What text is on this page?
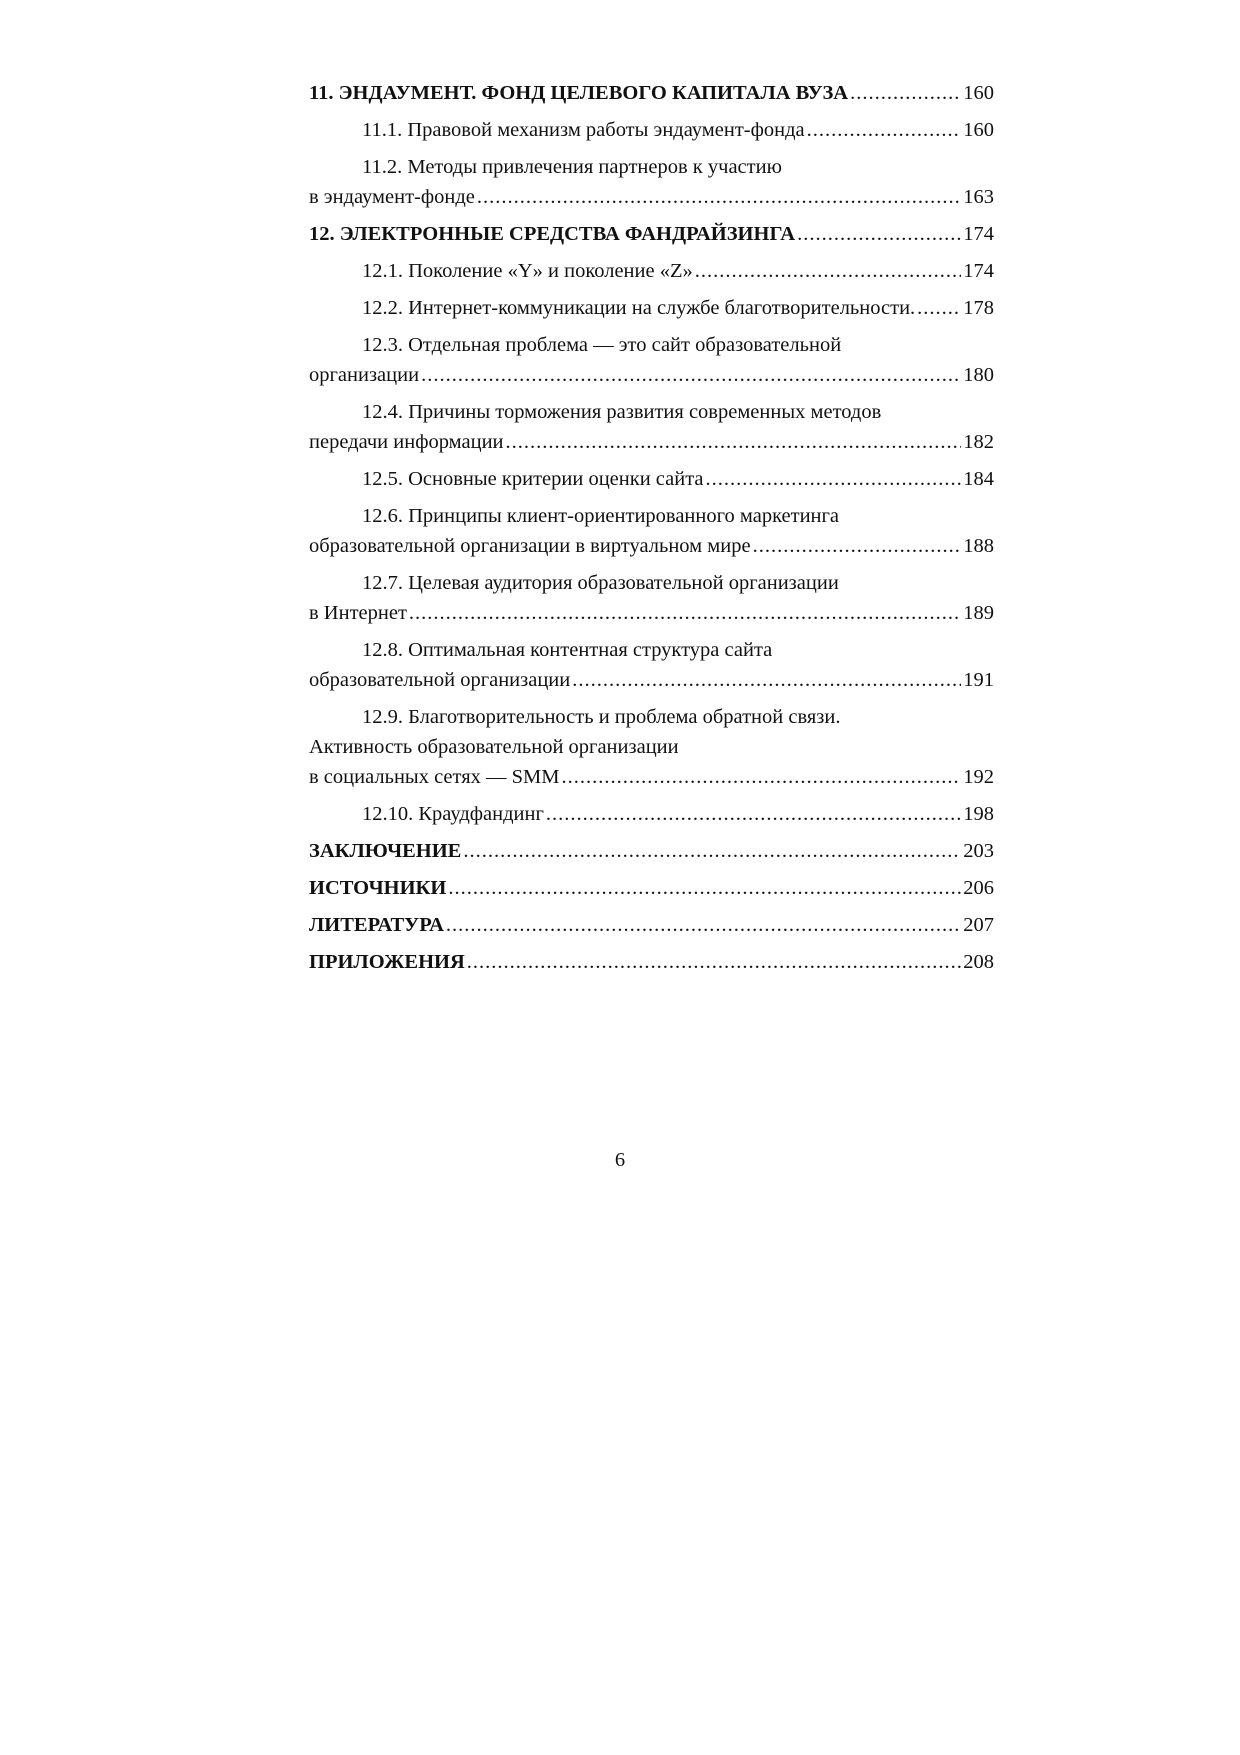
11. ЭНДАУМЕНТ. ФОНД ЦЕЛЕВОГО КАПИТАЛА ВУЗА .....	160
11.1. Правовой механизм работы эндаумент-фонда .....	160
11.2. Методы привлечения партнеров к участию
в эндаумент-фонде .....	163
12. ЭЛЕКТРОННЫЕ СРЕДСТВА ФАНДРАЙЗИНГА .....	174
12.1. Поколение «Y» и поколение «Z» .....	174
12.2. Интернет-коммуникации на службе благотворительности. ..... 178
12.3. Отдельная проблема — это сайт образовательной
организации .....	180
12.4. Причины торможения развития современных методов
передачи информации .....	182
12.5. Основные критерии оценки сайта .....	184
12.6. Принципы клиент-ориентированного маркетинга
образовательной организации в виртуальном мире .....	188
12.7. Целевая аудитория образовательной организации
в Интернет .....	189
12.8. Оптимальная контентная структура сайта
образовательной организации .....	191
12.9. Благотворительность и проблема обратной связи.
Активность образовательной организации
в социальных сетях — SMM .....	192
12.10. Краудфандинг .....	198
ЗАКЛЮЧЕНИЕ .....	203
ИСТОЧНИКИ .....	206
ЛИТЕРАТУРА .....	207
ПРИЛОЖЕНИЯ .....	208
6
